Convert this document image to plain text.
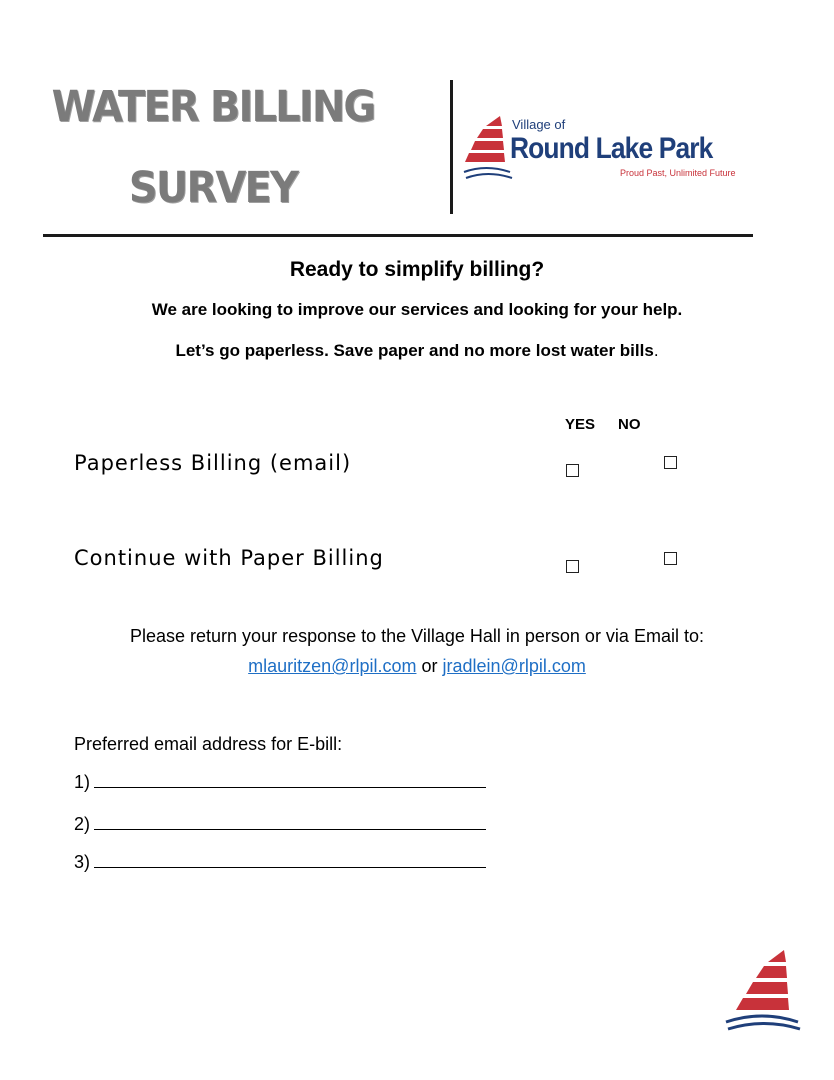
WATER BILLING
SURVEY
Village of
Round Lake Park
Proud Past, Unlimited Future
Ready to simplify billing?
We are looking to improve our services and looking for your help.
Let’s go paperless. Save paper and no more lost water bills.
YES NO
Paperless Billing (email)
Continue with Paper Billing
Please return your response to the Village Hall in person or via Email to:
mlauritzen@rlpil.com or jradlein@rlpil.com
Preferred email address for E-bill:
1)
2)
3)
